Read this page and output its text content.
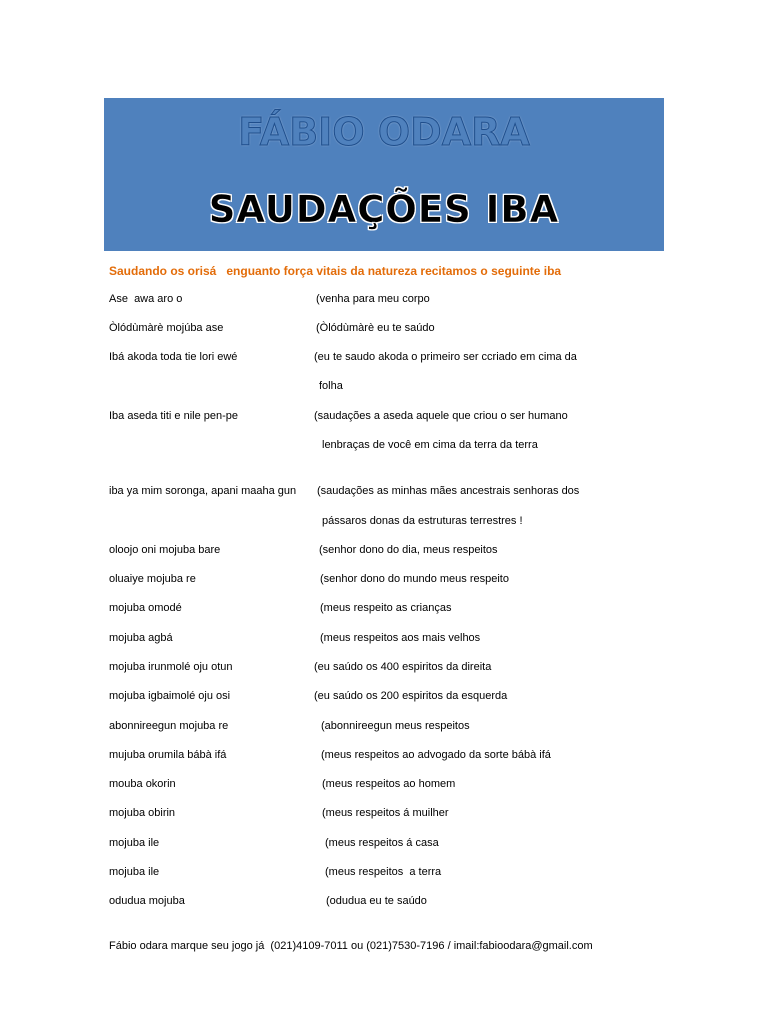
FÁBIO ODARA
SAUDAÇÕES IBA
Saudando os orisá   enguanto força vitais da natureza recitamos o seguinte iba
Ase  awa aro o	(venha para meu corpo
Òlódùmàrè mojúba ase	(Òlódùmàrè eu te saúdo
Ibá akoda toda tie lori ewé	(eu te saudo akoda o primeiro ser ccriado em cima da
folha
Iba aseda titi e nile pen-pe	(saudações a aseda aquele que criou o ser humano
lenbraças de você em cima da terra da terra
iba ya mim soronga, apani maaha gun (saudações as minhas mães ancestrais senhoras dos
pássaros donas da estruturas terrestres !
oloojo oni mojuba bare	(senhor dono do dia, meus respeitos
oluaiye mojuba re	(senhor dono do mundo meus respeito
mojuba omodé	(meus respeito as crianças
mojuba agbá	(meus respeitos aos mais velhos
mojuba irunmolé oju otun	(eu saúdo os 400 espiritos da direita
mojuba igbaimolé oju osi	(eu saúdo os 200 espiritos da esquerda
abonnireegun mojuba re	(abonnireegun meus respeitos
mujuba orumila bábà ifá	(meus respeitos ao advogado da sorte bábà ifá
mouba okorin	(meus respeitos ao homem
mojuba obirin	(meus respeitos á muilher
mojuba ile	(meus respeitos á casa
mojuba ile	(meus respeitos  a terra
odudua mojuba	(odudua eu te saúdo
Fábio odara marque seu jogo já  (021)4109-7011 ou (021)7530-7196 / imail:fabioodara@gmail.com
